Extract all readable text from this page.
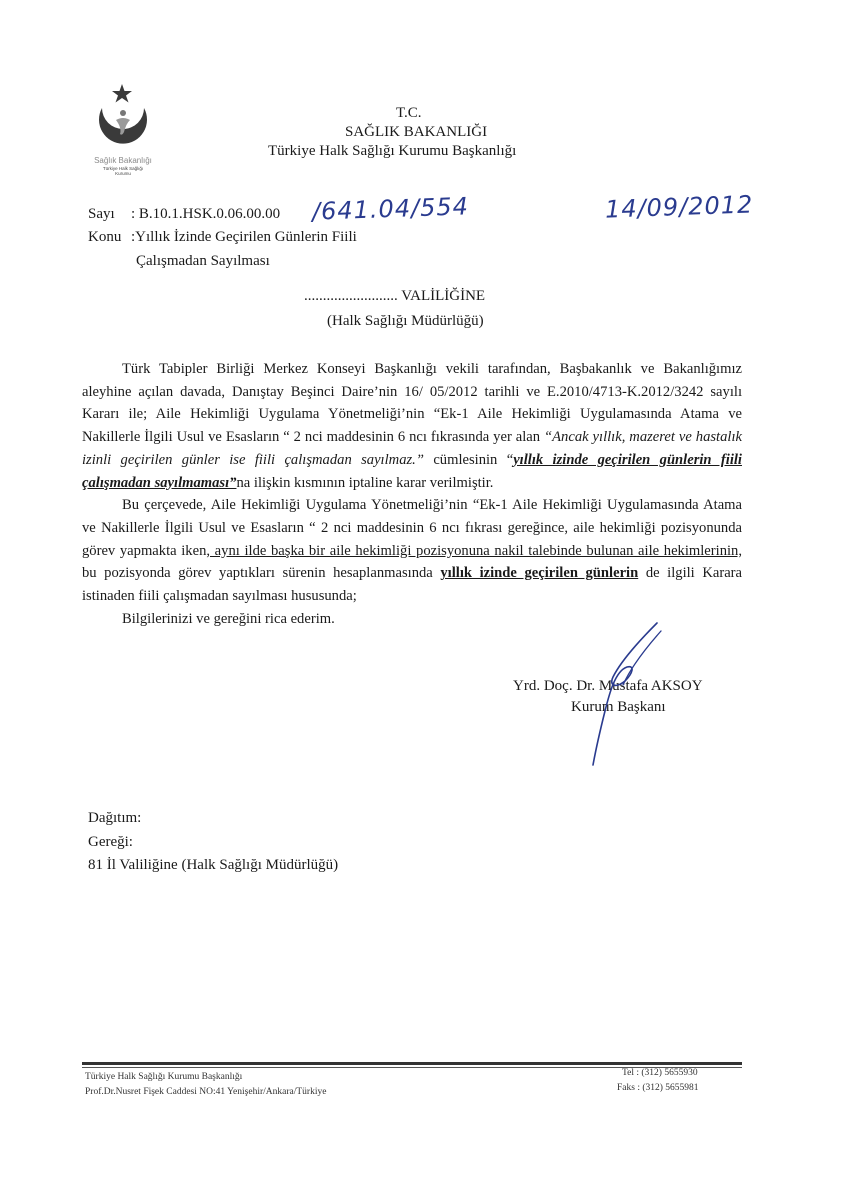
Sağlık Bakanlığı
Türkiye Halk Sağlığı
Kurumu
T.C.
SAĞLIK BAKANLIĞI
Türkiye Halk Sağlığı Kurumu Başkanlığı
Sayı : B.10.1.HSK.0.06.00.00 /641.04/554	14/09/2012
Konu :Yıllık İzinde Geçirilen Günlerin Fiili
Çalışmadan Sayılması
......................... VALİLİĞİNE
(Halk Sağlığı Müdürlüğü)

Türk Tabipler Birliği Merkez Konseyi Başkanlığı vekili tarafından, Başbakanlık ve Bakanlığımız aleyhine açılan davada, Danıştay Beşinci Daire’nin 16/ 05/2012 tarihli ve E.2010/4713-K.2012/3242 sayılı Kararı ile; Aile Hekimliği Uygulama Yönetmeliği’nin “Ek-1 Aile Hekimliği Uygulamasında Atama ve Nakillerle İlgili Usul ve Esasların “ 2 nci maddesinin 6 ncı fıkrasında yer alan “Ancak yıllık, mazeret ve hastalık izinli geçirilen günler ise fiili çalışmadan sayılmaz.” cümlesinin “yıllık izinde geçirilen günlerin fiili çalışmadan sayılmaması”na ilişkin kısmının iptaline karar verilmiştir.

Bu çerçevede, Aile Hekimliği Uygulama Yönetmeliği’nin “Ek-1 Aile Hekimliği Uygulamasında Atama ve Nakillerle İlgili Usul ve Esasların “ 2 nci maddesinin 6 ncı fıkrası gereğince, aile hekimliği pozisyonunda görev yapmakta iken, aynı ilde başka bir aile hekimliği pozisyonuna nakil talebinde bulunan aile hekimlerinin, bu pozisyonda görev yaptıkları sürenin hesaplanmasında yıllık izinde geçirilen günlerin de ilgili Karara istinaden fiili çalışmadan sayılması hususunda;

Bilgilerinizi ve gereğini rica ederim.

Yrd. Doç. Dr. Mustafa AKSOY
Kurum Başkanı
Dağıtım:
Gereği:
81 İl Valiliğine (Halk Sağlığı Müdürlüğü)
Türkiye Halk Sağlığı Kurumu Başkanlığı
Prof.Dr.Nusret Fişek Caddesi NO:41 Yenişehir/Ankara/Türkiye
Tel : (312) 5655930
Faks : (312) 5655981
